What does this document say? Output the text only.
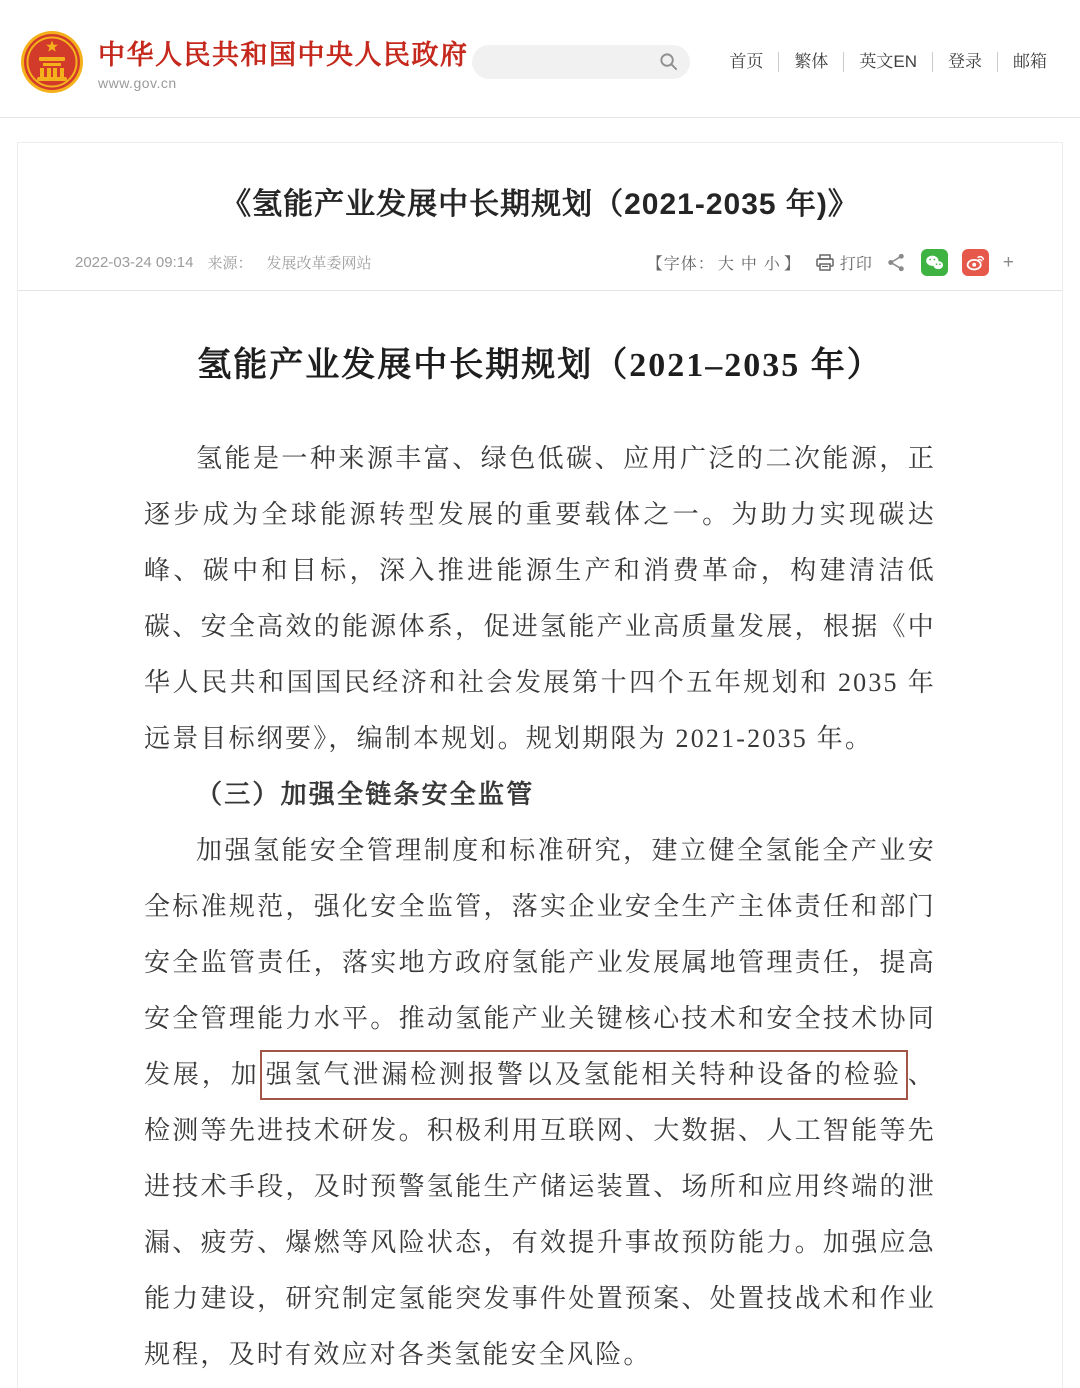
中华人民共和国中央人民政府
www.gov.cn
首页	繁体	英文EN	登录	邮箱
《氢能产业发展中长期规划（2021-2035 年)》
2022-03-24 09:14 来源： 发展改革委网站	【字体： 大 中 小 】 打印	+
氢能产业发展中长期规划（2021–2035 年）

氢能是一种来源丰富、绿色低碳、应用广泛的二次能源，正逐步成为全球能源转型发展的重要载体之一。为助力实现碳达峰、碳中和目标，深入推进能源生产和消费革命，构建清洁低碳、安全高效的能源体系，促进氢能产业高质量发展，根据《中华人民共和国国民经济和社会发展第十四个五年规划和 2035 年远景目标纲要》，编制本规划。规划期限为 2021-2035 年。

（三）加强全链条安全监管

加强氢能安全管理制度和标准研究，建立健全氢能全产业安全标准规范，强化安全监管，落实企业安全生产主体责任和部门安全监管责任，落实地方政府氢能产业发展属地管理责任，提高安全管理能力水平。推动氢能产业关键核心技术和安全技术协同发展，加 强氢气泄漏检测报警以及氢能相关特种设备的检验 、检测等先进技术研发。积极利用互联网、大数据、人工智能等先进技术手段，及时预警氢能生产储运装置、场所和应用终端的泄漏、疲劳、爆燃等风险状态，有效提升事故预防能力。加强应急能力建设，研究制定氢能突发事件处置预案、处置技战术和作业规程，及时有效应对各类氢能安全风险。
